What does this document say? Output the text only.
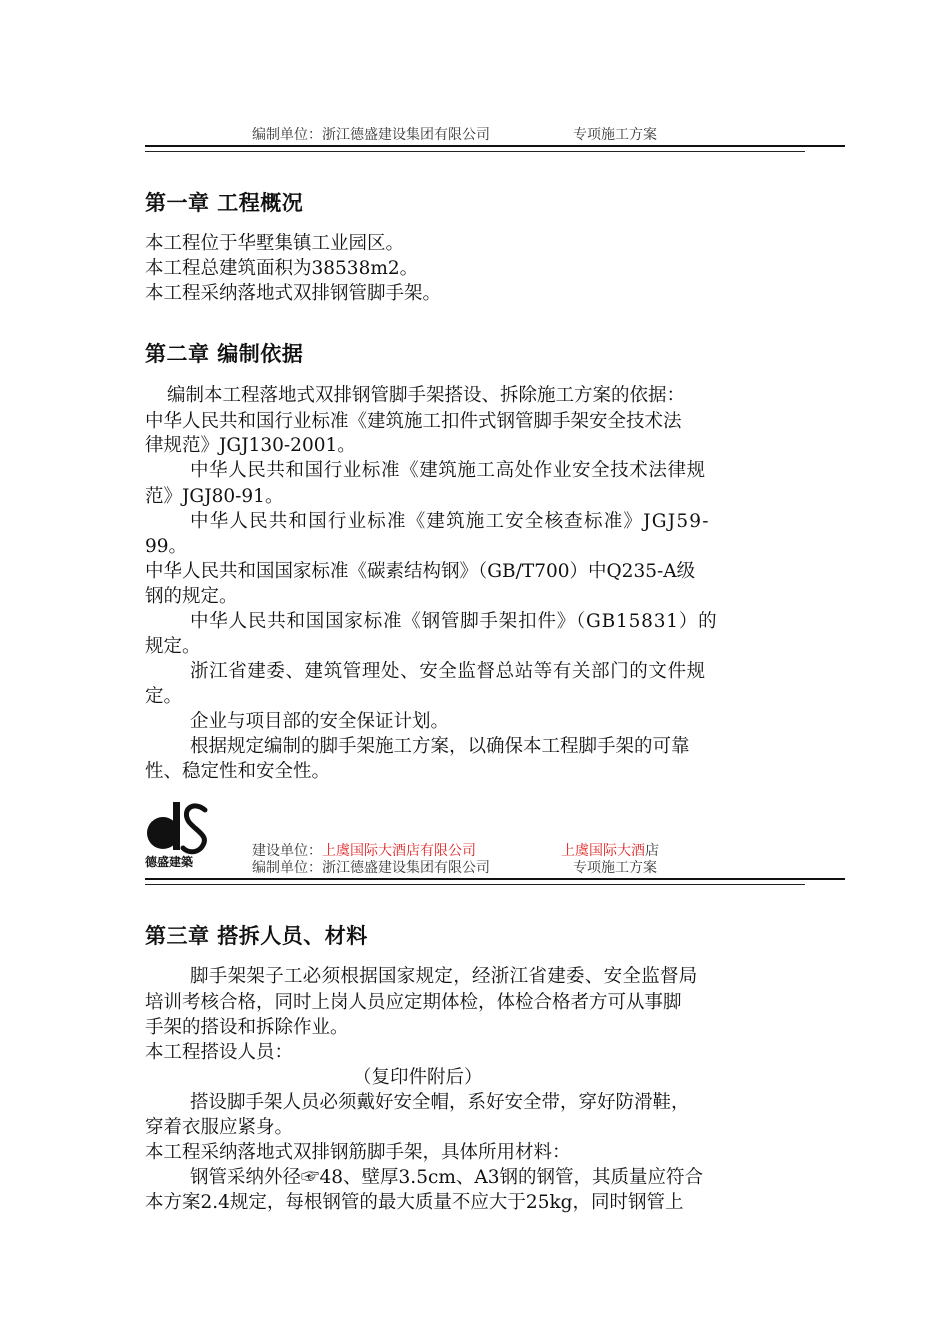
编制单位：浙江德盛建设集团有限公司	专项施工方案
第一章 工程概况
本工程位于华墅集镇工业园区。
本工程总建筑面积为38538m2。
本工程采纳落地式双排钢管脚手架。
第二章 编制依据
编制本工程落地式双排钢管脚手架搭设、拆除施工方案的依据：
中华人民共和国行业标准《建筑施工扣件式钢管脚手架安全技术法
律规范》JGJ130-2001。
中华人民共和国行业标准《建筑施工高处作业安全技术法律规
范》JGJ80-91。
中华人民共和国行业标准《建筑施工安全核查标准》JGJ59-
99。
中华人民共和国国家标准《碳素结构钢》（GB/T700）中Q235-A级
钢的规定。
中华人民共和国国家标准《钢管脚手架扣件》（GB15831）的
规定。
浙江省建委、建筑管理处、安全监督总站等有关部门的文件规
定。
企业与项目部的安全保证计划。
根据规定编制的脚手架施工方案，以确保本工程脚手架的可靠
性、稳定性和安全性。
德盛建築
建设单位：上虞国际大酒店有限公司	上虞国际大酒店
编制单位：浙江德盛建设集团有限公司	专项施工方案
第三章 搭拆人员、材料
脚手架架子工必须根据国家规定，经浙江省建委、安全监督局
培训考核合格，同时上岗人员应定期体检，体检合格者方可从事脚
手架的搭设和拆除作业。
本工程搭设人员：
（复印件附后）
搭设脚手架人员必须戴好安全帽，系好安全带，穿好防滑鞋，
穿着衣服应紧身。
本工程采纳落地式双排钢筋脚手架，具体所用材料：
钢管采纳外径☞48、壁厚3.5cm、A3钢的钢管，其质量应符合
本方案2.4规定，每根钢管的最大质量不应大于25kg，同时钢管上
